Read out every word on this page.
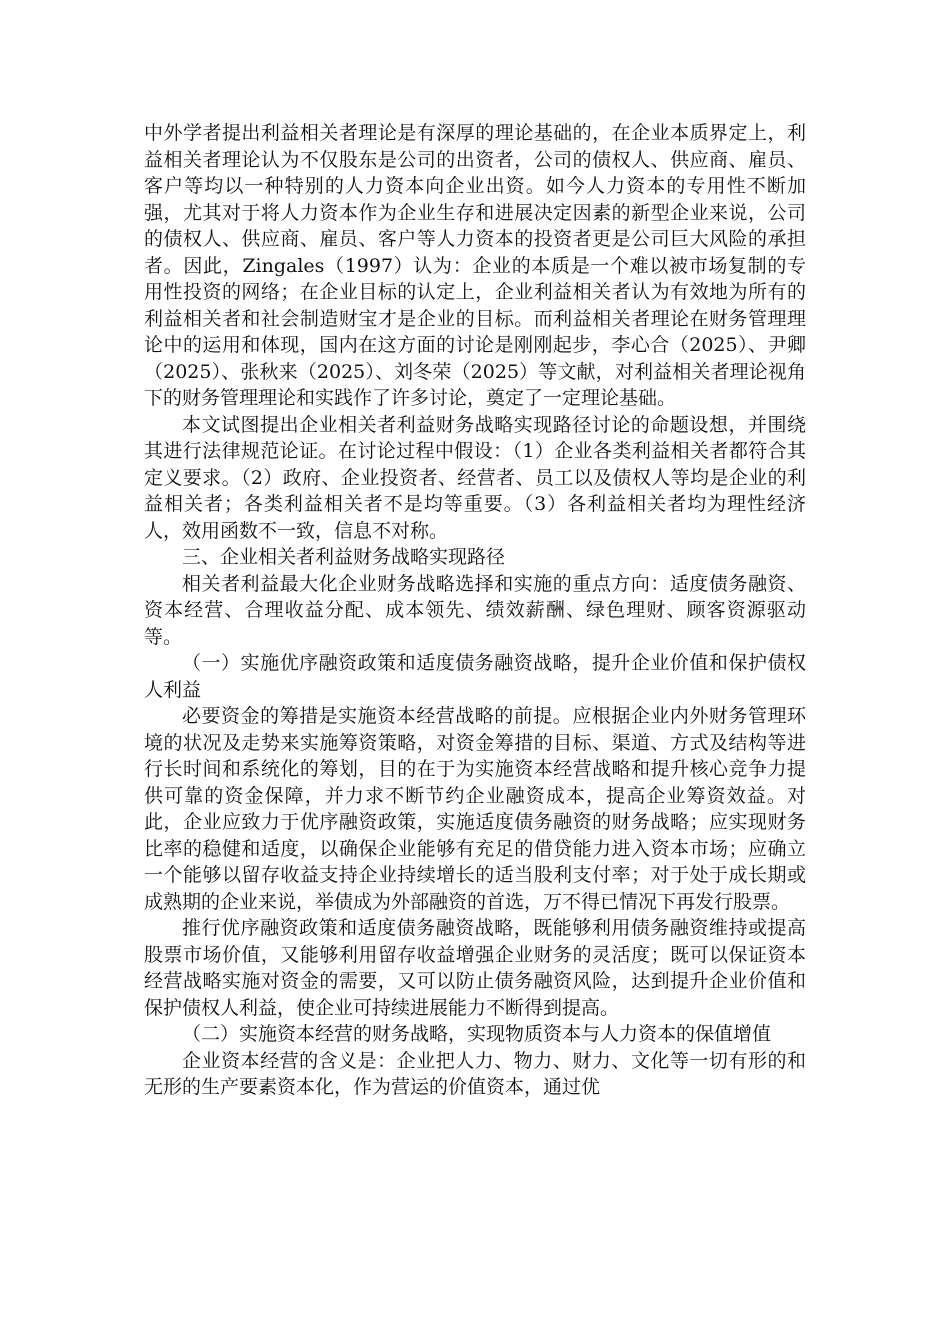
中外学者提出利益相关者理论是有深厚的理论基础的，在企业本质界定上，利益相关者理论认为不仅股东是公司的出资者，公司的债权人、供应商、雇员、客户等均以一种特别的人力资本向企业出资。如今人力资本的专用性不断加强，尤其对于将人力资本作为企业生存和进展决定因素的新型企业来说，公司的债权人、供应商、雇员、客户等人力资本的投资者更是公司巨大风险的承担者。因此，Zingales（1997）认为：企业的本质是一个难以被市场复制的专用性投资的网络；在企业目标的认定上，企业利益相关者认为有效地为所有的利益相关者和社会制造财宝才是企业的目标。而利益相关者理论在财务管理理论中的运用和体现，国内在这方面的讨论是刚刚起步，李心合（2025）、尹卿（2025）、张秋来（2025）、刘冬荣（2025）等文献，对利益相关者理论视角下的财务管理理论和实践作了许多讨论，奠定了一定理论基础。

本文试图提出企业相关者利益财务战略实现路径讨论的命题设想，并围绕其进行法律规范论证。在讨论过程中假设：（1）企业各类利益相关者都符合其定义要求。（2）政府、企业投资者、经营者、员工以及债权人等均是企业的利益相关者；各类利益相关者不是均等重要。（3）各利益相关者均为理性经济人，效用函数不一致，信息不对称。

三、企业相关者利益财务战略实现路径

相关者利益最大化企业财务战略选择和实施的重点方向：适度债务融资、资本经营、合理收益分配、成本领先、绩效薪酬、绿色理财、顾客资源驱动等。

（一）实施优序融资政策和适度债务融资战略，提升企业价值和保护债权人利益

必要资金的筹措是实施资本经营战略的前提。应根据企业内外财务管理环境的状况及走势来实施筹资策略，对资金筹措的目标、渠道、方式及结构等进行长时间和系统化的筹划，目的在于为实施资本经营战略和提升核心竞争力提供可靠的资金保障，并力求不断节约企业融资成本，提高企业筹资效益。对此，企业应致力于优序融资政策，实施适度债务融资的财务战略；应实现财务比率的稳健和适度，以确保企业能够有充足的借贷能力进入资本市场；应确立一个能够以留存收益支持企业持续增长的适当股利支付率；对于处于成长期或成熟期的企业来说，举债成为外部融资的首选，万不得已情况下再发行股票。

推行优序融资政策和适度债务融资战略，既能够利用债务融资维持或提高股票市场价值，又能够利用留存收益增强企业财务的灵活度；既可以保证资本经营战略实施对资金的需要，又可以防止债务融资风险，达到提升企业价值和保护债权人利益，使企业可持续进展能力不断得到提高。

（二）实施资本经营的财务战略，实现物质资本与人力资本的保值增值

企业资本经营的含义是：企业把人力、物力、财力、文化等一切有形的和无形的生产要素资本化，作为营运的价值资本，通过优
